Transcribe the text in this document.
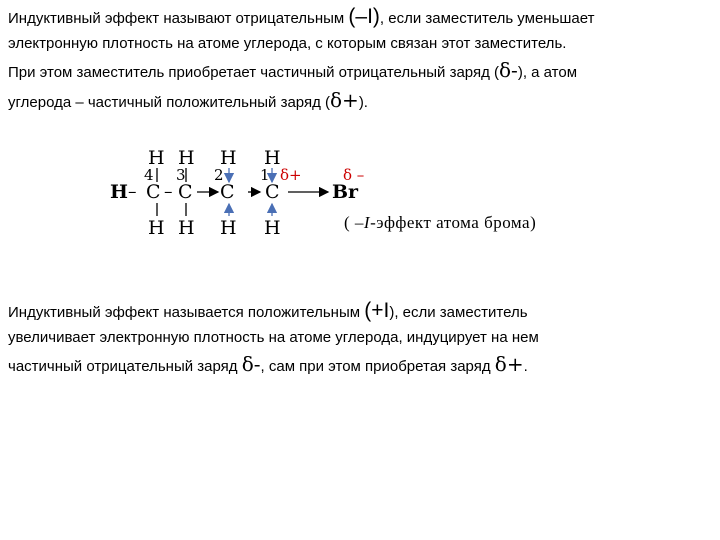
Индуктивный эффект называют отрицательным (–I), если заместитель уменьшает
электронную плотность на атоме углерода, с которым связан этот заместитель.
При этом заместитель приобретает частичный отрицательный заряд (δ-), а атом
углерода – частичный положительный заряд (δ+).
H H H H
4 3 2 1 δ+	δ –
H – C – C C C	Br
H H H H	( –I-эффект атома брома)
Индуктивный эффект называется положительным (+I), если заместитель
увеличивает электронную плотность на атоме углерода, индуцирует на нем
частичный отрицательный заряд δ-, сам при этом приобретая заряд δ+.
